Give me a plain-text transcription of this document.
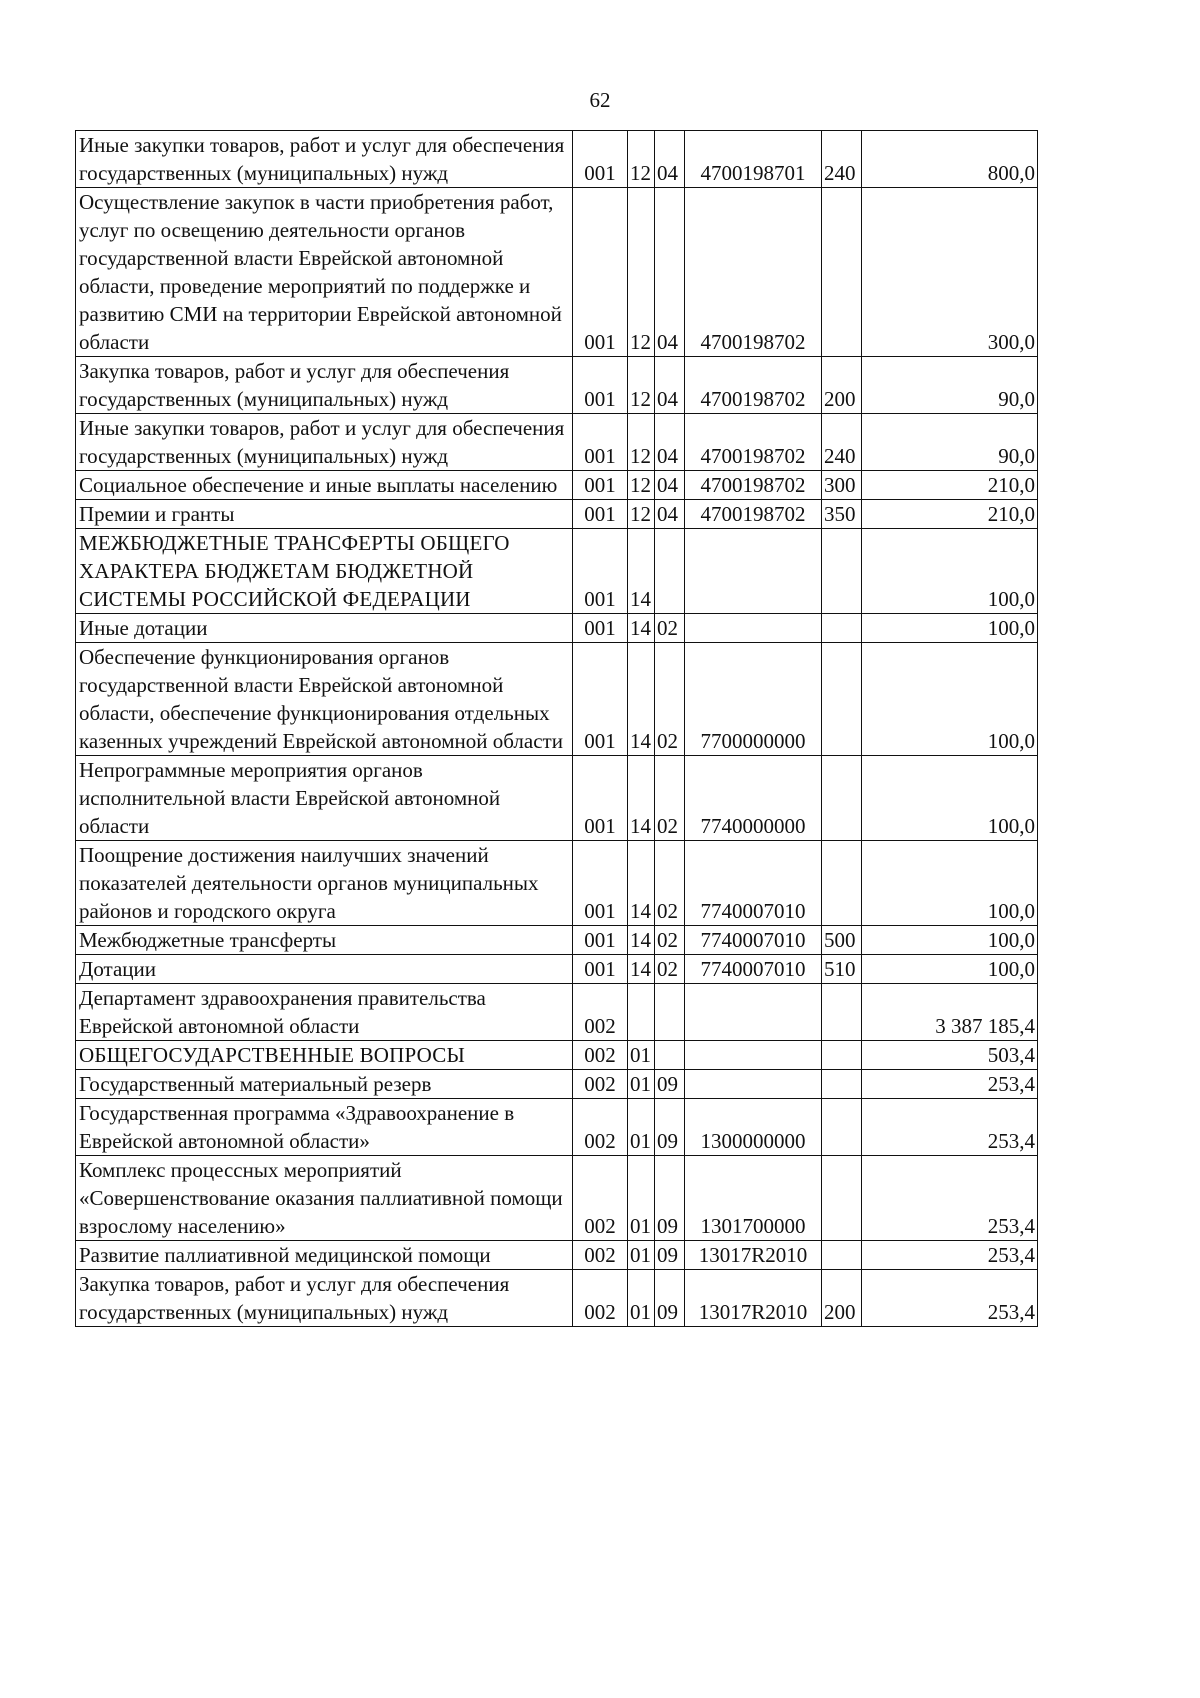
62
Иные закупки товаров, работ и услуг для обеспечения государственных (муниципальных) нужд	001	12	04	4700198701	240	800,0
Осуществление закупок в части приобретения работ, услуг по освещению деятельности органов государственной власти Еврейской автономной области, проведение мероприятий по поддержке и развитию СМИ на территории Еврейской автономной области	001	12	04	4700198702		300,0
Закупка товаров, работ и услуг для обеспечения государственных (муниципальных) нужд	001	12	04	4700198702	200	90,0
Иные закупки товаров, работ и услуг для обеспечения государственных (муниципальных) нужд	001	12	04	4700198702	240	90,0
Социальное обеспечение и иные выплаты населению	001	12	04	4700198702	300	210,0
Премии и гранты	001	12	04	4700198702	350	210,0
МЕЖБЮДЖЕТНЫЕ ТРАНСФЕРТЫ ОБЩЕГО ХАРАКТЕРА БЮДЖЕТАМ БЮДЖЕТНОЙ СИСТЕМЫ РОССИЙСКОЙ ФЕДЕРАЦИИ	001	14				100,0
Иные дотации	001	14	02			100,0
Обеспечение функционирования органов государственной власти Еврейской автономной области, обеспечение функционирования отдельных казенных учреждений Еврейской автономной области	001	14	02	7700000000		100,0
Непрограммные мероприятия органов исполнительной власти Еврейской автономной области	001	14	02	7740000000		100,0
Поощрение достижения наилучших значений показателей деятельности органов муниципальных районов и городского округа	001	14	02	7740007010		100,0
Межбюджетные трансферты	001	14	02	7740007010	500	100,0
Дотации	001	14	02	7740007010	510	100,0
Департамент здравоохранения правительства Еврейской автономной области	002					3 387 185,4
ОБЩЕГОСУДАРСТВЕННЫЕ ВОПРОСЫ	002	01				503,4
Государственный материальный резерв	002	01	09			253,4
Государственная программа «Здравоохранение в Еврейской автономной области»	002	01	09	1300000000		253,4
Комплекс процессных мероприятий «Совершенствование оказания паллиативной помощи взрослому населению»	002	01	09	1301700000		253,4
Развитие паллиативной медицинской помощи	002	01	09	13017R2010		253,4
Закупка товаров, работ и услуг для обеспечения государственных (муниципальных) нужд	002	01	09	13017R2010	200	253,4
